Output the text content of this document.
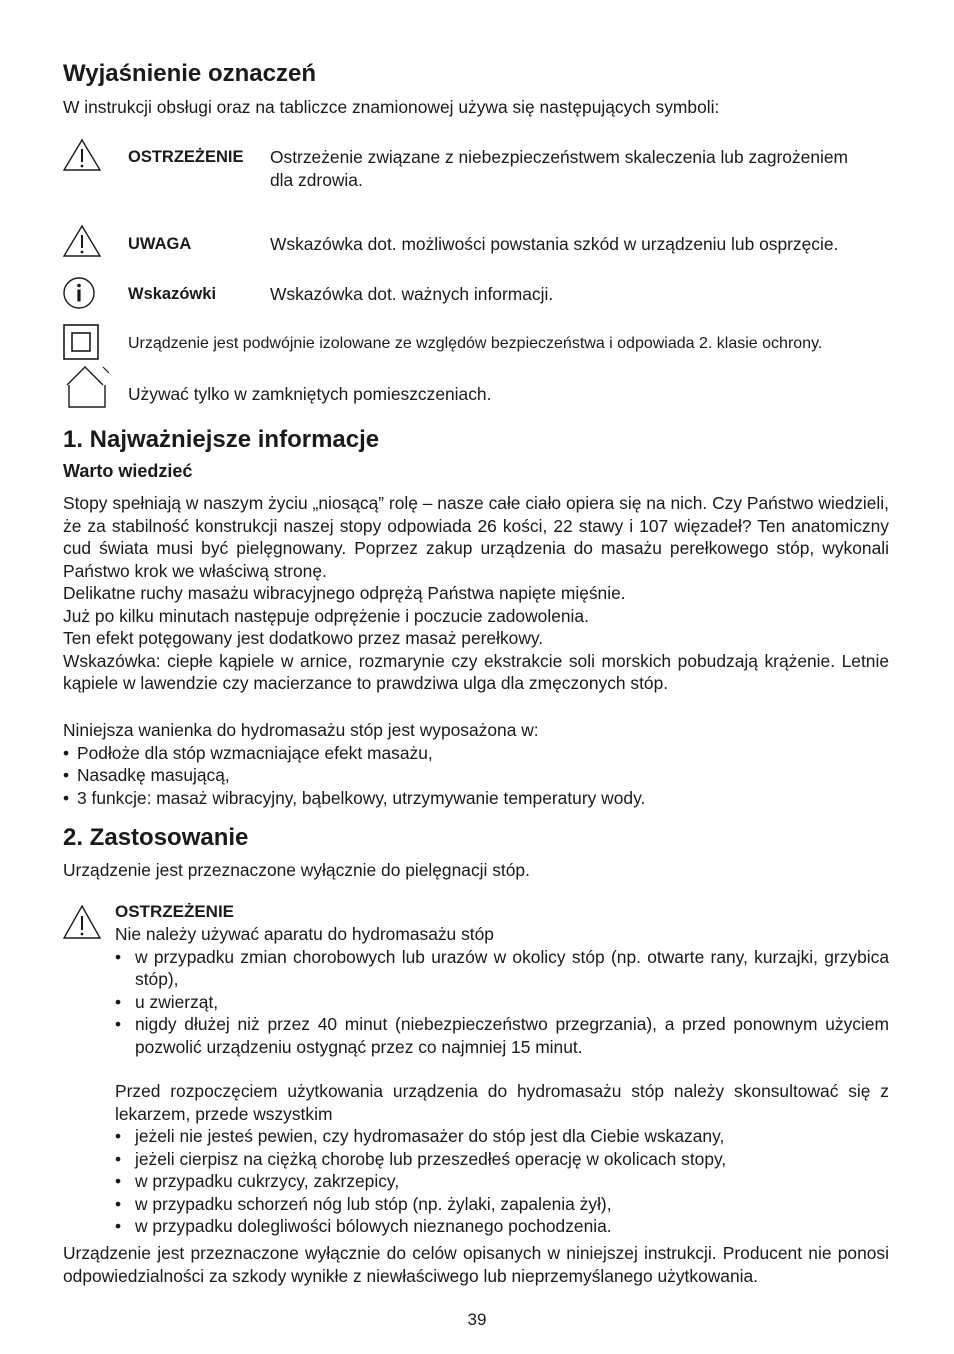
Wyjaśnienie oznaczeń
W instrukcji obsługi oraz na tabliczce znamionowej używa się następujących symboli:
OSTRZEŻENIE Ostrzeżenie związane z niebezpieczeństwem skaleczenia lub zagrożeniem
dla zdrowia.
UWAGA	Wskazówka dot. możliwości powstania szkód w urządzeniu lub osprzęcie.
Wskazówki	Wskazówka dot. ważnych informacji.
Urządzenie jest podwójnie izolowane ze względów bezpieczeństwa i odpowiada 2. klasie ochrony.
Używać tylko w zamkniętych pomieszczeniach.
1. Najważniejsze informacje
Warto wiedzieć
Stopy spełniają w naszym życiu „niosącą” rolę – nasze całe ciało opiera się na nich. Czy Państwo wiedzieli, że za stabilność konstrukcji naszej stopy odpowiada 26 kości, 22 stawy i 107 więzadeł? Ten anatomiczny cud świata musi być pielęgnowany. Poprzez zakup urządzenia do masażu perełkowego stóp, wykonali Państwo krok we właściwą stronę.
Delikatne ruchy masażu wibracyjnego odprężą Państwa napięte mięśnie.
Już po kilku minutach następuje odprężenie i poczucie zadowolenia.
Ten efekt potęgowany jest dodatkowo przez masaż perełkowy.
Wskazówka: ciepłe kąpiele w arnice, rozmarynie czy ekstrakcie soli morskich pobudzają krążenie. Letnie kąpiele w lawendzie czy macierzance to prawdziwa ulga dla zmęczonych stóp.
Niniejsza wanienka do hydromasażu stóp jest wyposażona w:
• Podłoże dla stóp wzmacniające efekt masażu,
• Nasadkę masującą,
• 3 funkcje: masaż wibracyjny, bąbelkowy, utrzymywanie temperatury wody.
2. Zastosowanie
Urządzenie jest przeznaczone wyłącznie do pielęgnacji stóp.
OSTRZEŻENIE
Nie należy używać aparatu do hydromasażu stóp
• w przypadku zmian chorobowych lub urazów w okolicy stóp (np. otwarte rany, kurzajki, grzybica stóp),
• u zwierząt,
• nigdy dłużej niż przez 40 minut (niebezpieczeństwo przegrzania), a przed ponownym użyciem pozwolić urządzeniu ostygnąć przez co najmniej 15 minut.
Przed rozpoczęciem użytkowania urządzenia do hydromasażu stóp należy skonsultować się z lekarzem, przede wszystkim
• jeżeli nie jesteś pewien, czy hydromasażer do stóp jest dla Ciebie wskazany,
• jeżeli cierpisz na ciężką chorobę lub przeszedłeś operację w okolicach stopy,
• w przypadku cukrzycy, zakrzepicy,
• w przypadku schorzeń nóg lub stóp (np. żylaki, zapalenia żył),
• w przypadku dolegliwości bólowych nieznanego pochodzenia.
Urządzenie jest przeznaczone wyłącznie do celów opisanych w niniejszej instrukcji. Producent nie ponosi odpowiedzialności za szkody wynikłe z niewłaściwego lub nieprzemyślanego użytkowania.
39
